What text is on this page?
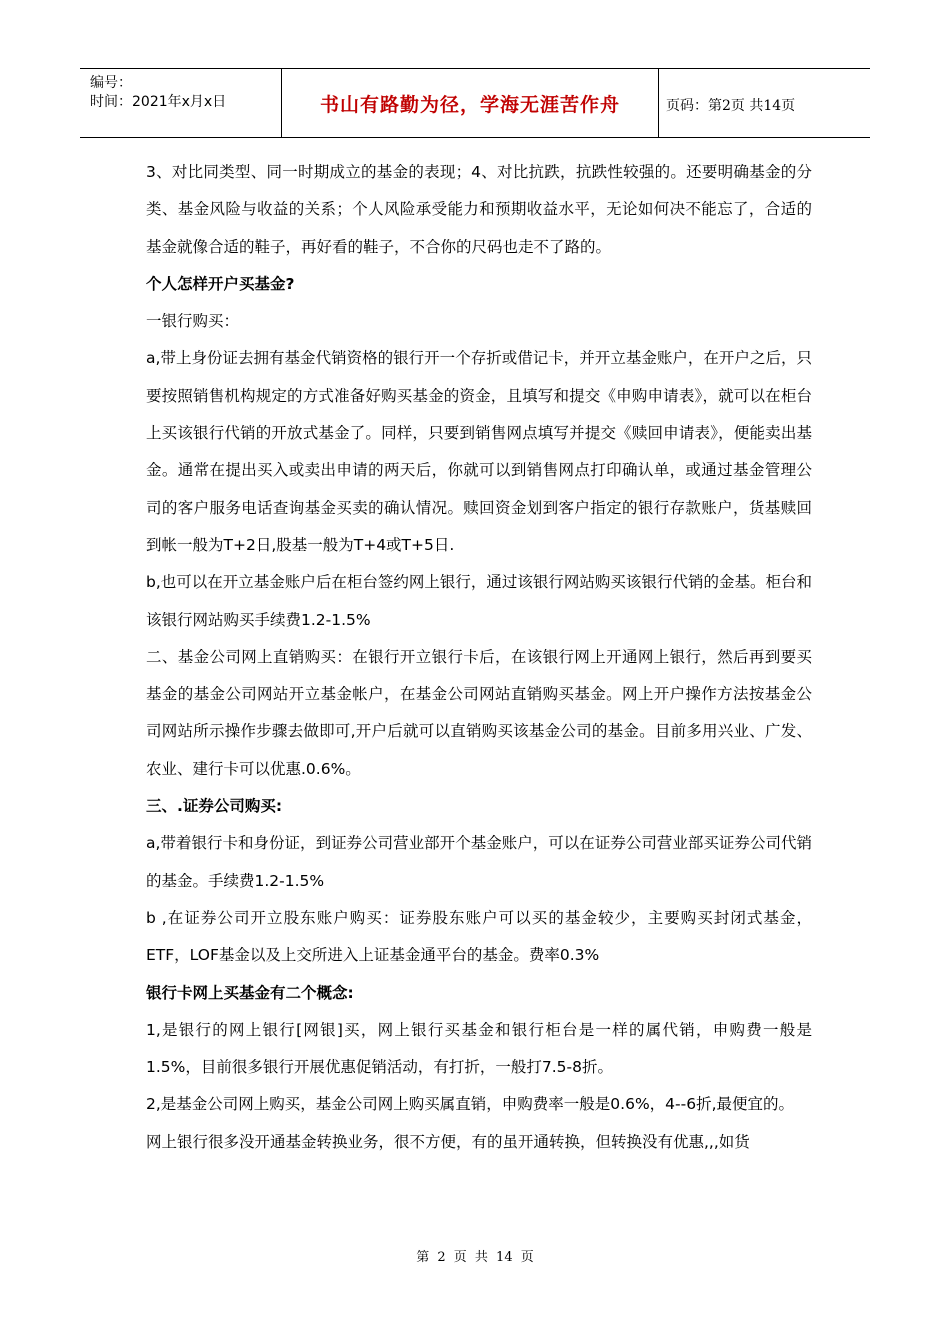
编号：
时间：2021年x月x日	书山有路勤为径，学海无涯苦作舟	页码：第2页 共14页

3、对比同类型、同一时期成立的基金的表现；4、对比抗跌，抗跌性较强的。还要明确基金的分类、基金风险与收益的关系；个人风险承受能力和预期收益水平，无论如何决不能忘了，合适的基金就像合适的鞋子，再好看的鞋子，不合你的尺码也走不了路的。

个人怎样开户买基金?

一银行购买：

a,带上身份证去拥有基金代销资格的银行开一个存折或借记卡，并开立基金账户，在开户之后，只要按照销售机构规定的方式准备好购买基金的资金，且填写和提交《申购申请表》，就可以在柜台上买该银行代销的开放式基金了。同样，只要到销售网点填写并提交《赎回申请表》，便能卖出基金。通常在提出买入或卖出申请的两天后，你就可以到销售网点打印确认单，或通过基金管理公司的客户服务电话查询基金买卖的确认情况。赎回资金划到客户指定的银行存款账户，货基赎回到帐一般为T+2日,股基一般为T+4或T+5日.

b,也可以在开立基金账户后在柜台签约网上银行，通过该银行网站购买该银行代销的金基。柜台和该银行网站购买手续费1.2-1.5%

二、基金公司网上直销购买：在银行开立银行卡后，在该银行网上开通网上银行，然后再到要买基金的基金公司网站开立基金帐户，在基金公司网站直销购买基金。网上开户操作方法按基金公司网站所示操作步骤去做即可,开户后就可以直销购买该基金公司的基金。目前多用兴业、广发、农业、建行卡可以优惠.0.6%。

三、.证券公司购买:

a,带着银行卡和身份证，到证券公司营业部开个基金账户，可以在证券公司营业部买证券公司代销的基金。手续费1.2-1.5%

b ,在证券公司开立股东账户购买：证券股东账户可以买的基金较少，主要购买封闭式基金，ETF，LOF基金以及上交所进入上证基金通平台的基金。费率0.3%

银行卡网上买基金有二个概念:

1,是银行的网上银行[网银]买，网上银行买基金和银行柜台是一样的属代销，申购费一般是1.5%，目前很多银行开展优惠促销活动，有打折，一般打7.5-8折。

2,是基金公司网上购买，基金公司网上购买属直销，申购费率一般是0.6%，4--6折,最便宜的。

网上银行很多没开通基金转换业务，很不方便，有的虽开通转换，但转换没有优惠,,,如货

第 2 页 共 14 页
